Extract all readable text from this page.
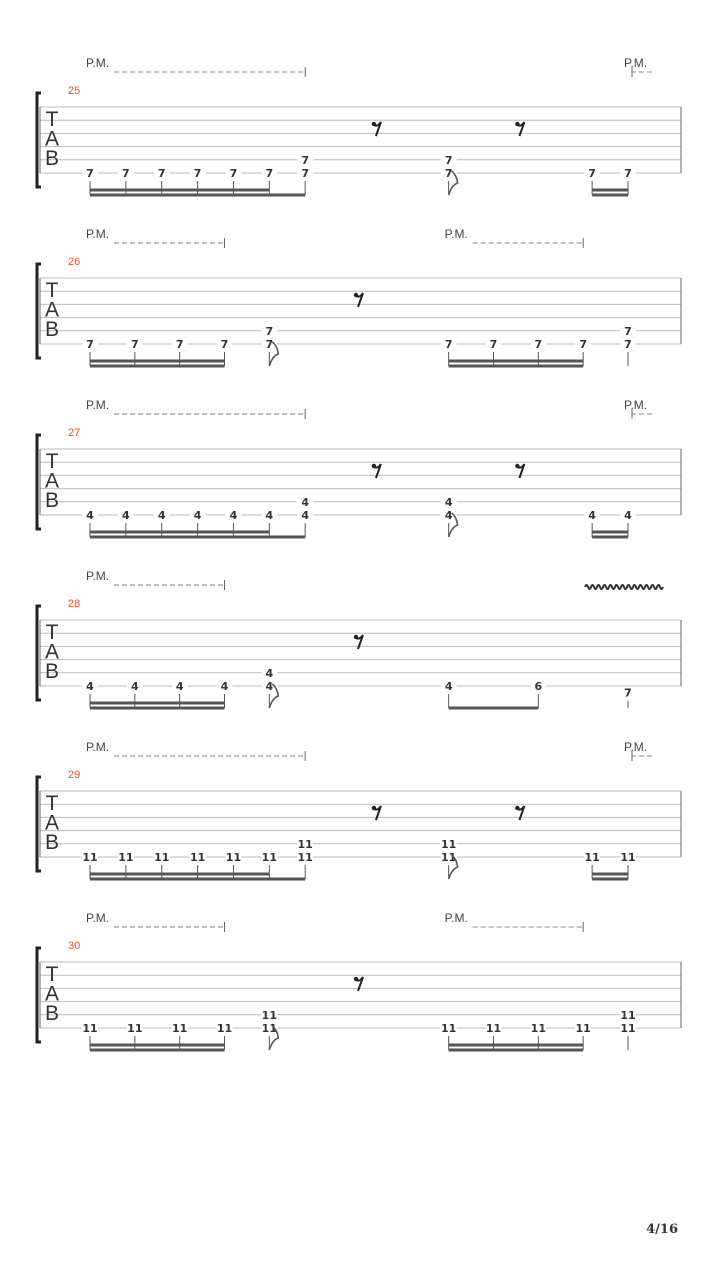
T
A
B
25
P.M.	P.M.
7	7	7	7	7	7
7
7
7
7	7	7
T
A
B
26
P.M.	P.M.
7	7	7	7
7
7	7	7	7	7
7
7
T
A
B
27
P.M.	P.M.
4	4	4	4	4	4
4
4
4
4	4	4
T
A
B
28
P.M.
4	4	4	4
4
4	4	6
7
T
A
B
29
P.M.	P.M.
11 11 11 11 11 11
11
11
11
11	11 11
T
A
B
30
P.M.	P.M.
11	11	11	11
11
11	11	11	11	11
11
11
4/16
